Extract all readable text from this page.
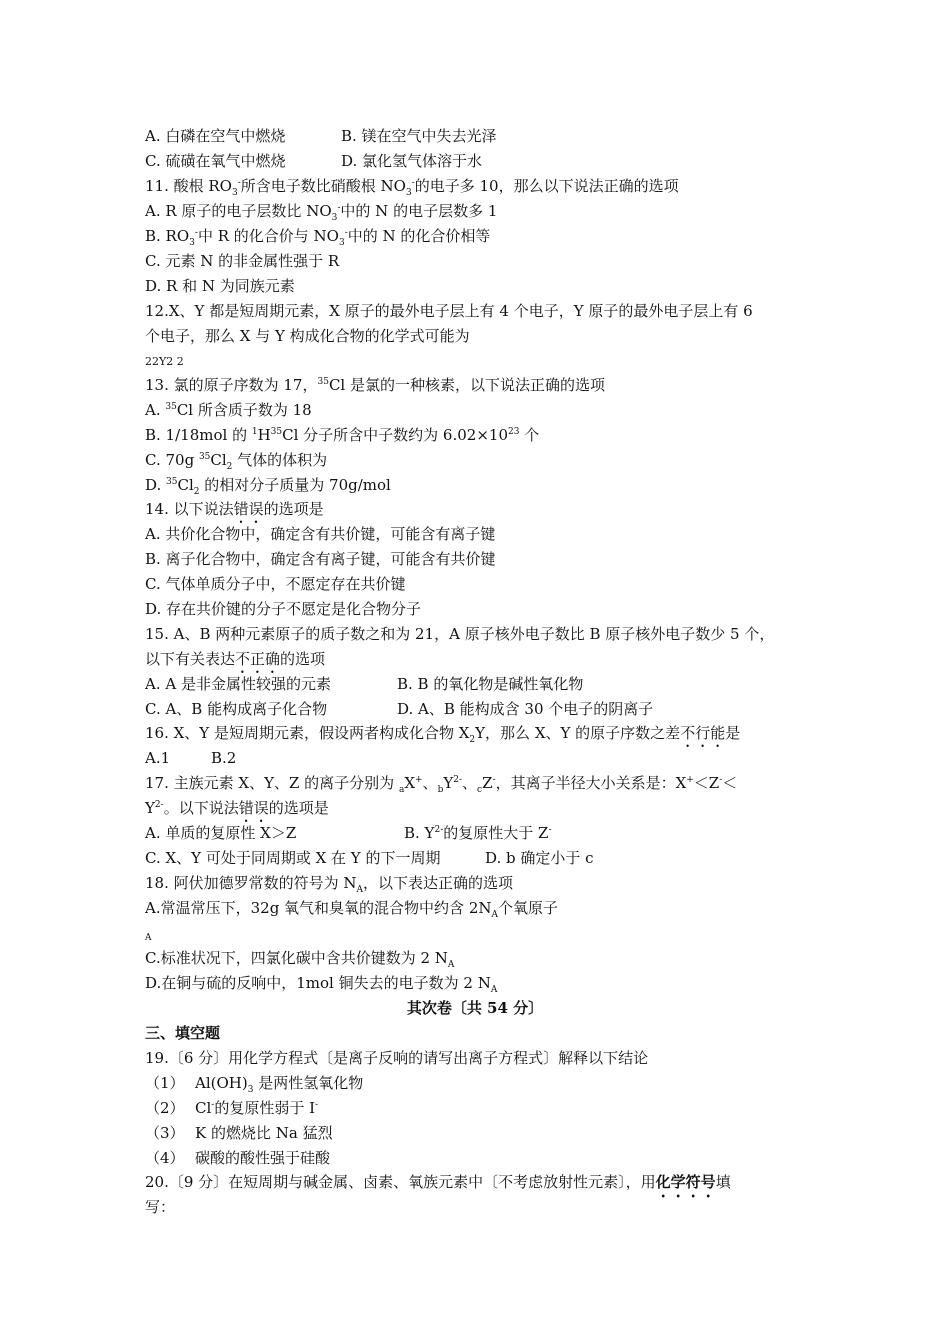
A. 白磷在空气中燃烧	B. 镁在空气中失去光泽
C. 硫磺在氧气中燃烧	D. 氯化氢气体溶于水
11. 酸根 $RO_3^-$所含电子数比硝酸根 $NO_3^-$的电子多 10，那么以下说法正确的选项
A. R 原子的电子层数比 $NO_3^-$中的 N 的电子层数多 1
B. $RO_3^-$中 R 的化合价与 $NO_3^-$中的 N 的化合价相等
C. 元素 N 的非金属性强于 R
D. R 和 N 为同族元素
12.X、Y 都是短周期元素，X 原子的最外电子层上有 4 个电子，Y 原子的最外电子层上有 6
个电子，那么 X 与 Y 构成化合物的化学式可能为
22Y2 2
13. 氯的原子序数为 17，$^{35}$Cl 是氯的一种核素，以下说法正确的选项
A. $^{35}$Cl 所含质子数为 18
B. 1/18mol 的 $^1H^{35}Cl$ 分子所含中子数约为 $6.02\times 10^{23}$ 个
C. 70g $^{35}Cl_2$ 气体的体积为
D. $^{35}Cl_2$ 的相对分子质量为 70g/mol
14. 以下说法错误的选项是
A. 共价化合物中，确定含有共价键，可能含有离子键
B. 离子化合物中，确定含有离子键，可能含有共价键
C. 气体单质分子中，不愿定存在共价键
D. 存在共价键的分子不愿定是化合物分子
15. A、B 两种元素原子的质子数之和为 21，A 原子核外电子数比 B 原子核外电子数少 5 个，
以下有关表达不正确的选项
A. A 是非金属性较强的元素	B. B 的氧化物是碱性氧化物
C. A、B 能构成离子化合物	D. A、B 能构成含 30 个电子的阴离子
16. X、Y 是短周期元素，假设两者构成化合物 $X_2Y$，那么 X、Y 的原子序数之差不行能是
A.1	B.2
17. 主族元素 X、Y、Z 的离子分别为 $_a$X+、$_bY^{2-}$、$_c$Z-，其离子半径大小关系是：X+＜Z-＜
$Y^{2-}$。以下说法错误的选项是
A. 单质的复原性 X＞Z	B. $Y^{2-}$的复原性大于 Z-
C. X、Y 可处于同周期或 X 在 Y 的下一周期	D. b 确定小于 c
18. 阿伏加德罗常数的符号为 $N_A$，以下表达正确的选项
A.常温常压下，32g 氧气和臭氧的混合物中约含 $2N_A$个氧原子
A
C.标准状况下，四氯化碳中含共价键数为 2 $N_A$
D.在铜与硫的反响中，1mol 铜失去的电子数为 2 $N_A$
其次卷〔共 54 分〕
三、填空题
19.〔6 分〕用化学方程式〔是离子反响的请写出离子方程式〕解释以下结论
（1） $Al(OH)_3$ 是两性氢氧化物
（2） Cl-的复原性弱于 I-
（3） K 的燃烧比 Na 猛烈
（4） 碳酸的酸性强于硅酸
20.〔9 分〕在短周期与碱金属、卤素、氧族元素中〔不考虑放射性元素〕，用化学符号填
写：
